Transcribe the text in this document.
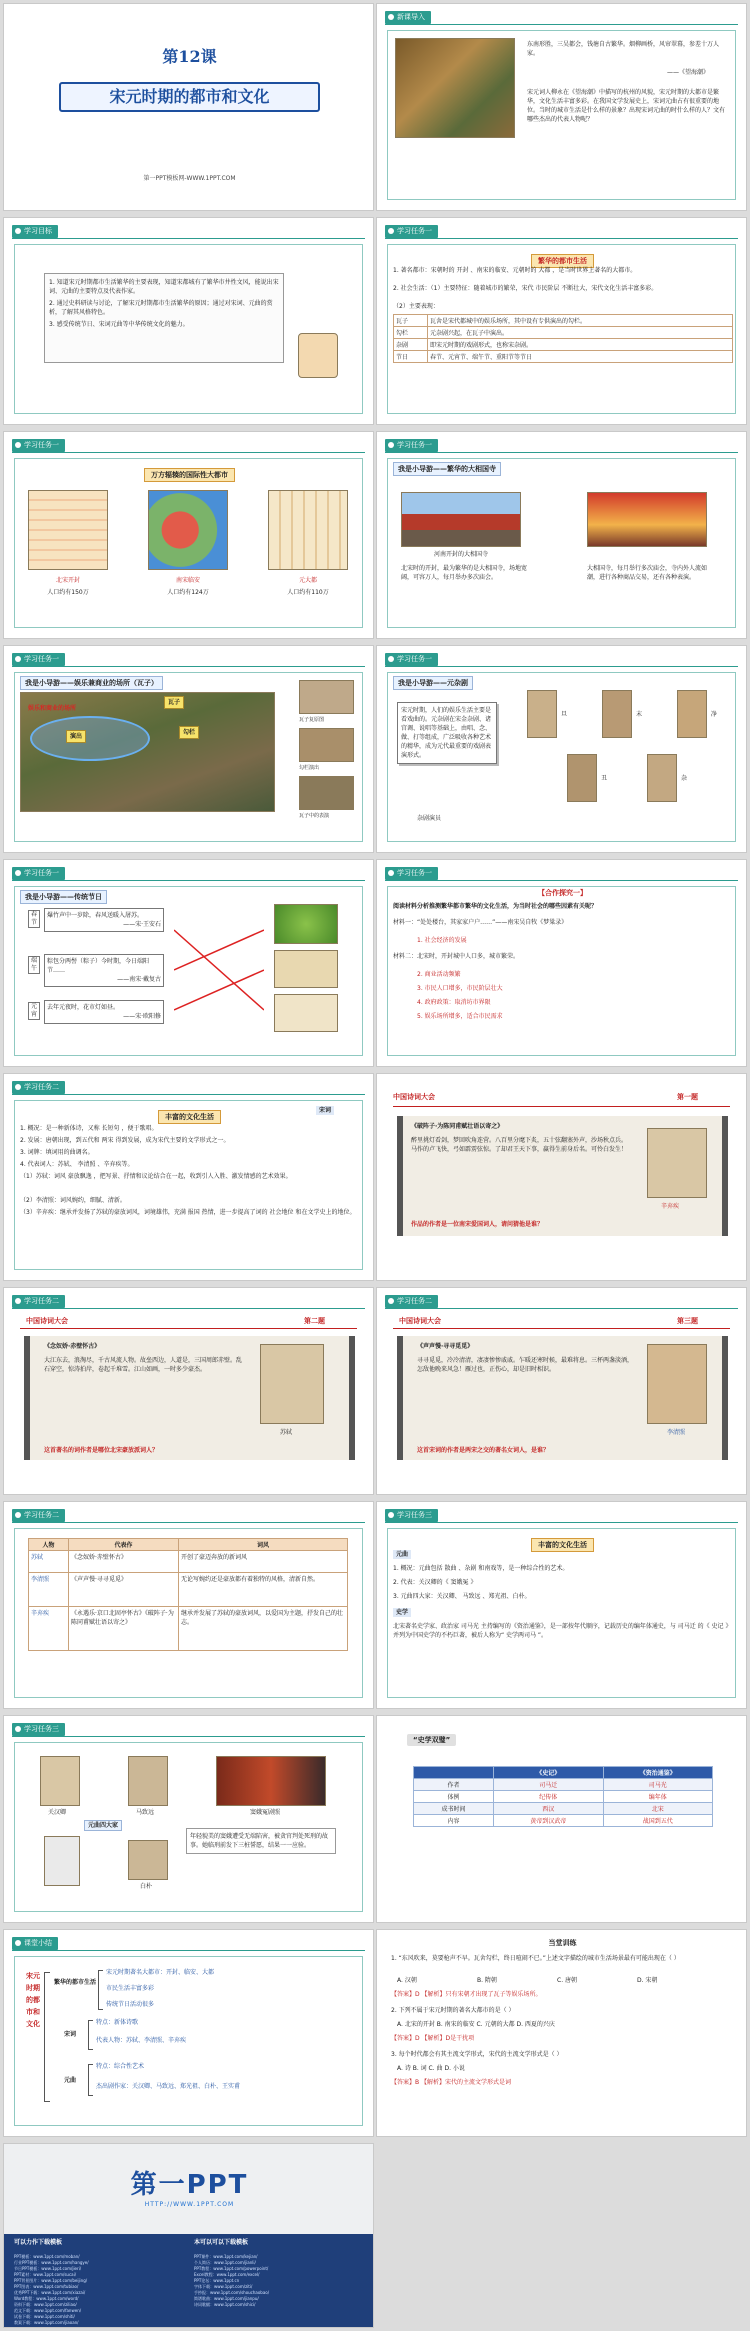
第12课
宋元时期的都市和文化
第一PPT模板网-WWW.1PPT.COM
新课导入
东南形胜，三吴都会，钱塘自古繁华。烟柳画桥，风帘翠幕，参差十万人家。
——《望海潮》
宋元词人柳永在《望海潮》中描写的杭州的风貌，宋元时期的大都市是繁华，文化生活丰富多彩。在我国文学发展史上，宋词元曲占有很重要的地位。当时的城市生活是什么样的景象？出现宋词元曲的时什么样的人？文有哪些杰出的代表人物呢？
学习目标
1. 知道宋元时期都市生活繁华的主要表现，知道宋都城有了繁华市井性文风，能说出宋词、元曲的主要特点及代表作家。
2. 通过史料研读与讨论，了解宋元时期都市生活繁华的原因；通过对宋词、元曲的赏析，了解其风格特色。
3. 感受传统节日、宋词元曲等中华传统文化的魅力。
学习任务一
繁华的都市生活
1. 著名都市：宋朝时的 开封 、南宋的临安、元朝时的 大都 ，是当时世界上著名的大都市。
2. 社会生活：（1）主要特征：随着城市的繁荣，宋代 市民阶层 不断壮大，宋代文化生活丰富多彩。
（2）主要表现：
瓦子	瓦舍是宋代都城中的娱乐场所，其中设有专供演出的勾栏。
勾栏	元杂剧兴起，在瓦子中演出。
杂剧	即宋元时期的戏剧形式，也称宋杂剧。
节日	春节、元宵节、端午节、重阳节等节日
学习任务一
万方辐辏的国际性大都市
北宋开封
人口约有150万
南宋临安
人口约有124万
元大都
人口约有110万
学习任务一
我是小导游——繁华的大相国寺
河南开封的大相国寺
北宋时的开封，最为繁华的是大相国寺，场地宽阔，可容万人，每月举办多次庙会。
大相国寺，每月举行多次庙会，寺内外人流如潮，进行各种商品交易，还有各种表演。
学习任务一
我是小导游——娱乐兼商业的场所（瓦子）
瓦子
勾栏
演出
娱乐和商业的场所
瓦子复原图
勾栏演出
瓦子中的表演
学习任务一
我是小导游——元杂剧
宋元时期，人们的娱乐生活主要是看戏曲的。元杂剧在宋金杂剧、诸宫调、说唱等基础上，由唱、念、做、打等组成，广泛吸收各种艺术的精华，成为元代最重要的戏剧表演形式。
杂剧演员
旦	末	净
丑	杂
学习任务一
我是小导游——传统节日
春节
爆竹声中一岁除，春风送暖入屠苏。
——宋·王安石
端午
粽包分两髻（粽子）今时期，今日端阳节……
——南宋·戴复古
元宵
去年元夜时，花市灯如昼。
——宋·欧阳修
学习任务一
【合作探究一】
阅读材料分析推测繁华都市繁华的文化生活，为当时社会的哪些因素有关呢？
材料一：“处处楼台，其家家户户……”——南宋吴自牧《梦粱录》
1. 社会经济的发展
材料二：北宋时，开封城中人口多，城市繁荣。
2. 商业活动频繁
3. 市民人口增多，市民阶层壮大
4. 政府政策：取消坊市界限
5. 娱乐场所增多，适合市民需求
学习任务二
丰富的文化生活
宋词
1. 概况：是一种新体诗，又称 长短句 ，便于歌唱。
2. 发展：唐朝出现，到五代和 两宋 得到发展，成为宋代主要的文学形式之一。
3. 词牌：填词用的曲调名。
4. 代表词人：苏轼、 李清照 、辛弃疾等。
（1）苏轼：词风 豪放飘逸 ，把写景、抒情和议论结合在一起，收到引人入胜、激发情感的艺术效果。
（2）李清照：词风婉约，细腻、清新。
（3）辛弃疾：继承并发扬了苏轼的豪放词风，词境雄伟，充满 报国 热情，进一步提高了词的 社会地位 和在文学史上的地位。
中国诗词大会	第一题
《破阵子·为陈同甫赋壮语以寄之》
醉里挑灯看剑，梦回吹角连营。八百里分麾下炙，五十弦翻塞外声，沙场秋点兵。马作的卢飞快，弓如霹雳弦惊。了却君王天下事，赢得生前身后名。可怜白发生！
辛弃疾
作品的作者是一位南宋爱国词人，请问猜他是谁？
学习任务二
中国诗词大会	第二题
《念奴娇·赤壁怀古》
大江东去，浪淘尽，千古风流人物。故垒西边，人道是，三国周郎赤壁。乱石穿空，惊涛拍岸，卷起千堆雪。江山如画，一时多少豪杰。
苏轼
这首著名的词作者是哪位北宋豪放派词人？
学习任务二
中国诗词大会	第三题
《声声慢·寻寻觅觅》
寻寻觅觅，冷冷清清，凄凄惨惨戚戚。乍暖还寒时候，最难将息。三杯两盏淡酒，怎敌他晚来风急！雁过也，正伤心，却是旧时相识。
李清照
这首宋词的作者是两宋之交的著名女词人，是谁？
学习任务二
人物	代表作	词风
苏轼	《念奴娇·赤壁怀古》	开创了豪迈奔放的新词风
李清照	《声声慢·寻寻觅觅》	无论写婉约还是豪放都有着独特的风格，清新自然。
辛弃疾	《永遇乐·京口北固亭怀古》《破阵子·为陈同甫赋壮语以寄之》	继承并发展了苏轼的豪放词风，以爱国为主题，抒发自己的壮志。
学习任务三
丰富的文化生活
元曲
1. 概况：元曲包括 散曲 、杂剧 和南戏等，是一种综合性的艺术。
2. 代表：关汉卿的《 窦娥冤 》
3. 元曲四大家：关汉卿、 马致远 、郑光祖、白朴。
史学
北宋著名史学家、政治家 司马光 主持编写的《资治通鉴》，是一部按年代顺序，记载历史的编年体通史，与 司马迁 的《 史记 》并列为中国史学的不朽巨著，被后人称为“ 史学两司马 ”。
学习任务三
关汉卿	马致远	窦娥冤剧照
元曲四大家
白朴
年轻貌美的窦娥遭受无端陷害，被贪官判处死刑的故事。她临刑前发下三桩誓愿，结果一一应验。
“史学双璧”
	《史记》	《资治通鉴》
作者	司马迁	司马光
体例	纪传体	编年体
成书时间	西汉	北宋
内容	黄帝到汉武帝	战国到五代
课堂小结
宋元时期的都市和文化
繁华的都市生活
宋元时期著名大都市：开封、临安、大都
市民生活丰富多彩
传统节日活动很多
宋词
特点：新体诗歌
代表人物：苏轼、李清照、辛弃疾
元曲
特点：综合性艺术
杰出剧作家：关汉卿、马致远、郑光祖、白朴、王实甫
当堂训练
1. “东风吹来，莫要枪声不早。瓦舍勾栏，终日喧闹不已。”上述文字描绘的城市生活场景最有可能出现在（ ）
A. 汉朝	B. 隋朝	C. 唐朝	D. 宋朝
【答案】D 【解析】只有宋朝才出现了瓦子等娱乐场所。
2. 下列不属于宋元时期的著名大都市的是（ ）
A. 北宋的开封 B. 南宋的临安 C. 元朝的大都 D. 西夏的兴庆
【答案】D 【解析】D是干扰项
3. 每个时代都会有其主流文学形式，宋代的主流文学形式是（ ）
A. 诗 B. 词 C. 曲 D. 小说
【答案】B 【解析】宋代的主流文学形式是词
第一PPT
HTTP://WWW.1PPT.COM
可以力作下载模板	本可以可以下载模板
PPT模板：www.1ppt.com/moban/
行业PPT模板：www.1ppt.com/hangye/
节日PPT模板：www.1ppt.com/jieri/
PPT素材：www.1ppt.com/sucai/
PPT背景图片：www.1ppt.com/beijing/
PPT图表：www.1ppt.com/tubiao/
优秀PPT下载：www.1ppt.com/xiazai/
Word教程：www.1ppt.com/word/
资料下载：www.1ppt.com/ziliao/
范文下载：www.1ppt.com/fanwen/
试卷下载：www.1ppt.com/shiti/
教案下载：www.1ppt.com/jiaoan/
PPT课件：www.1ppt.com/kejian/
个人简历：www.1ppt.com/jianli/
PPT教程：www.1ppt.com/powerpoint/
Excel教程：www.1ppt.com/excel/
PPT论坛：www.1ppt.cn
字体下载：www.1ppt.com/ziti/
手抄报：www.1ppt.com/shouchaobao/
简谱歌曲：www.1ppt.com/jianpu/
诗词歌赋：www.1ppt.com/shici/
